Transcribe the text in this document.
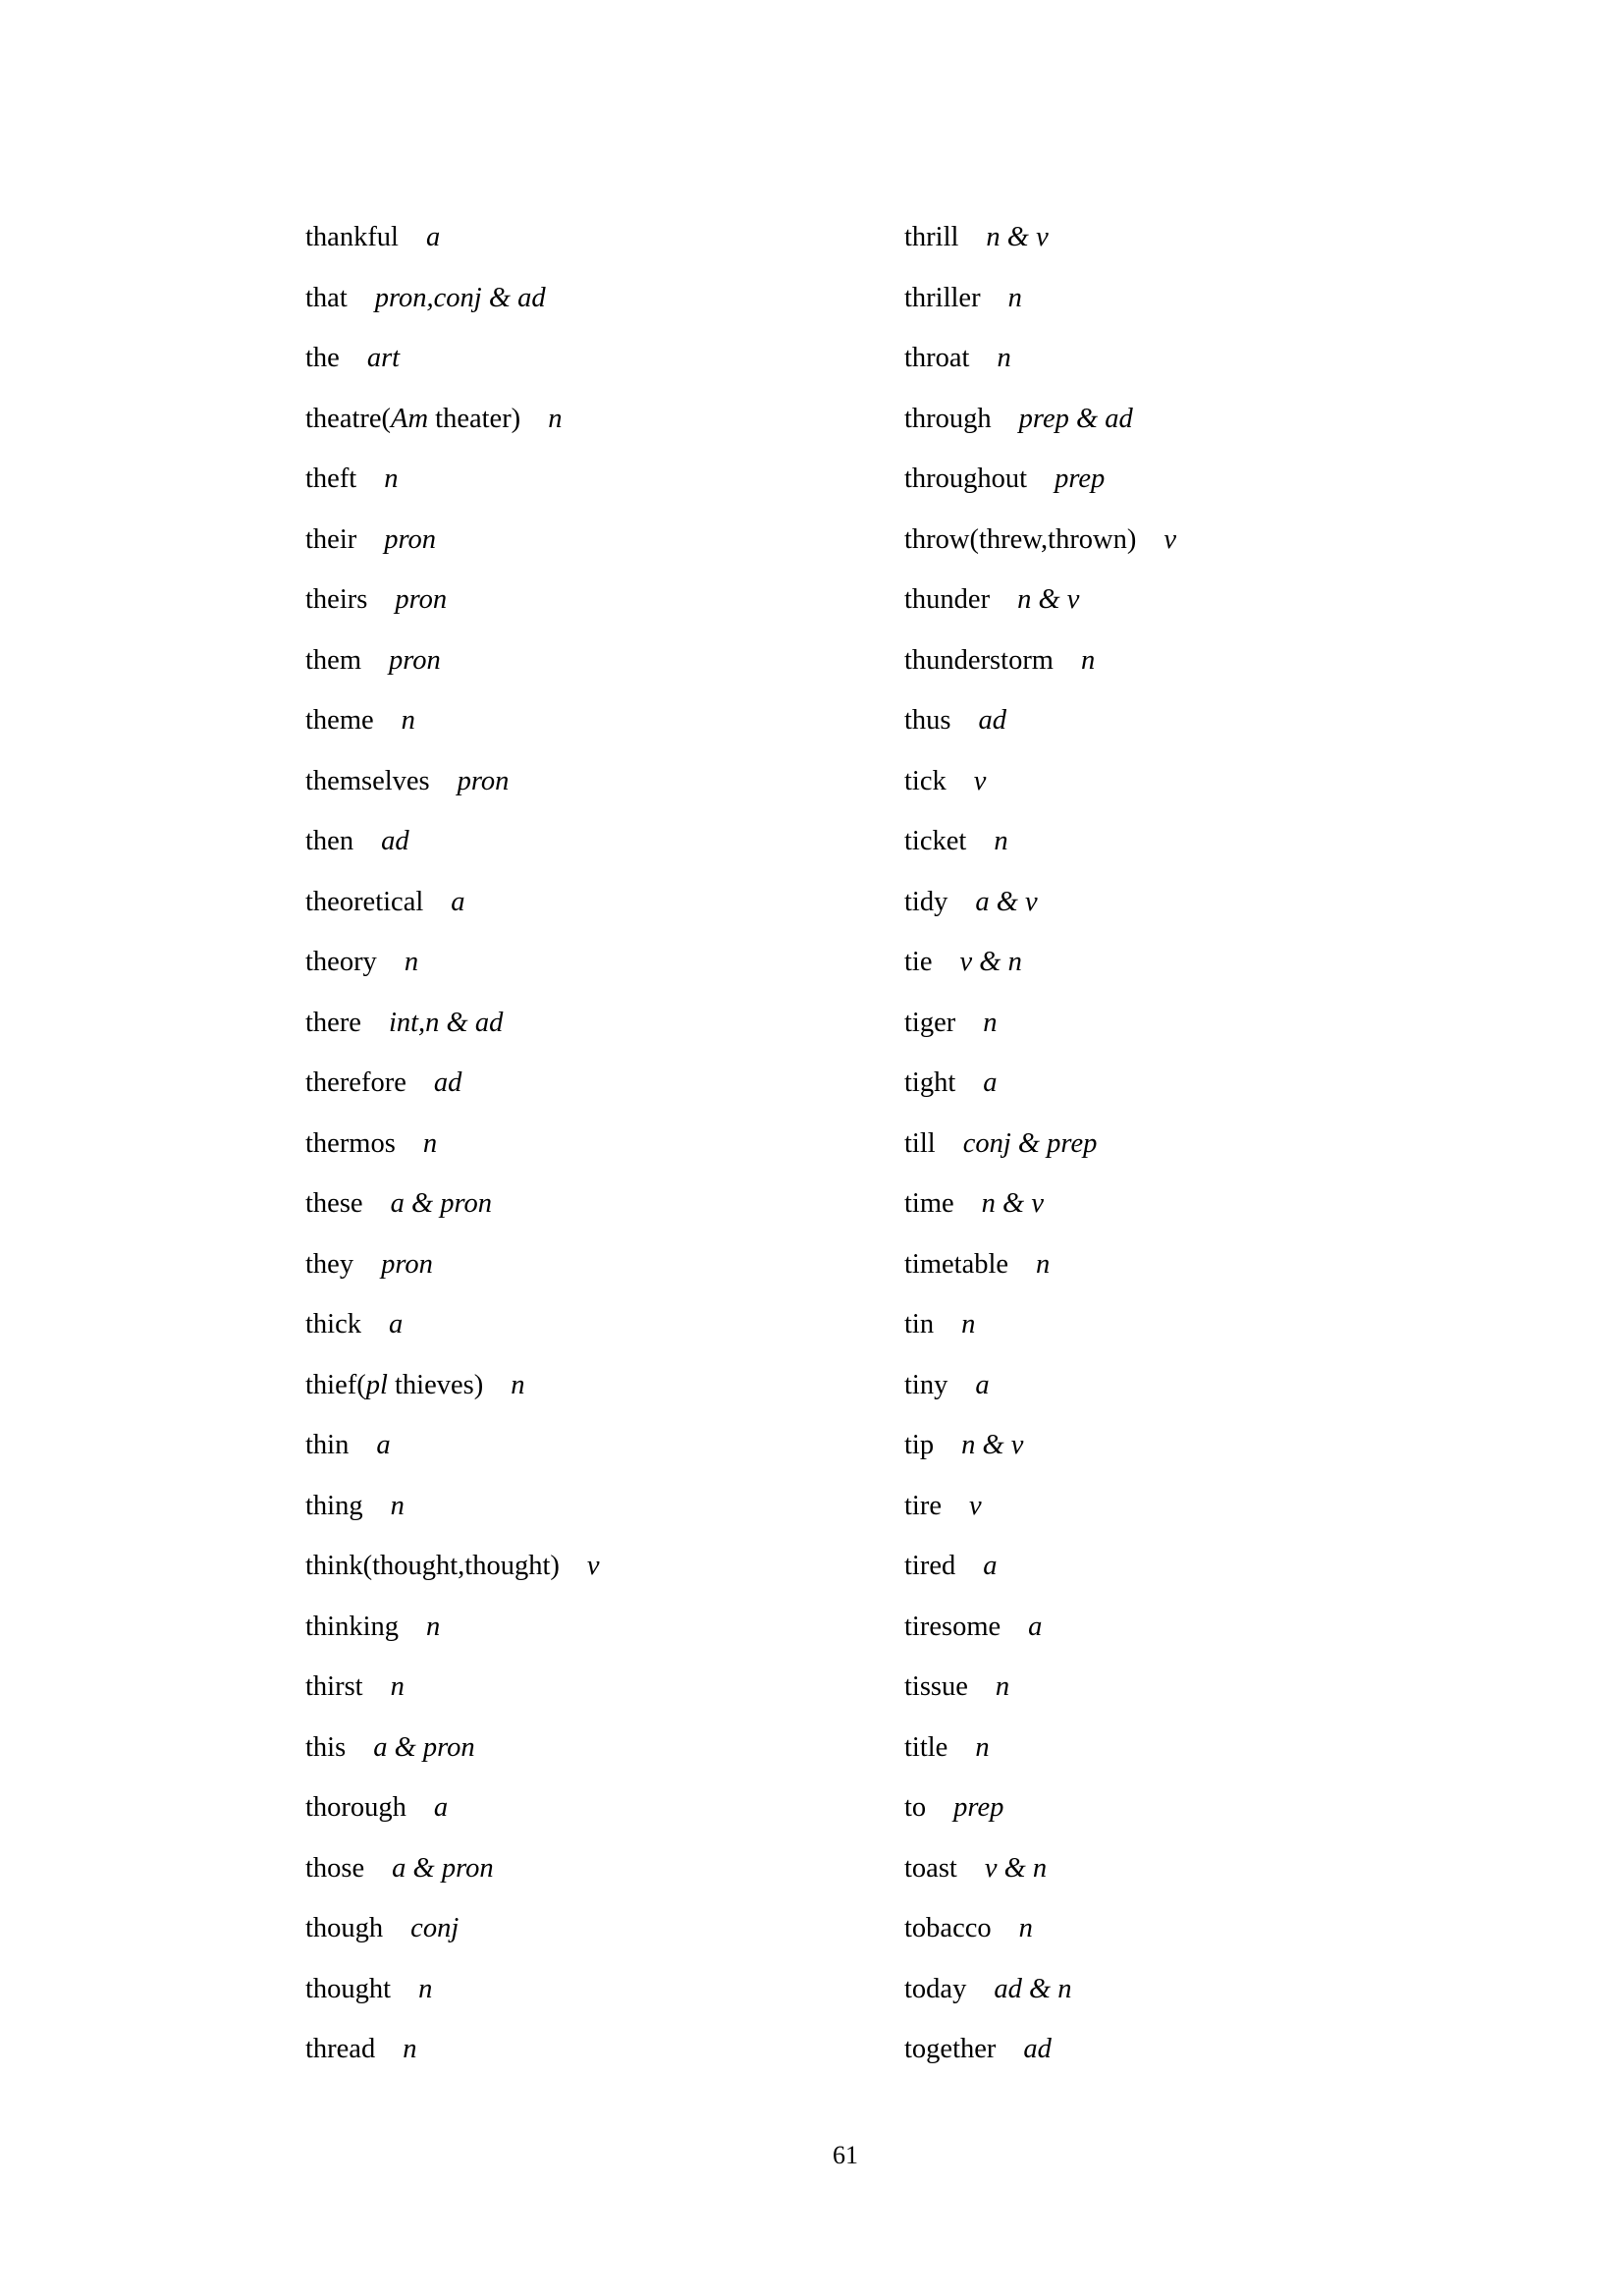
thankful a
that pron,conj & ad
the art
theatre(Am theater) n
theft n
their pron
theirs pron
them pron
theme n
themselves pron
then ad
theoretical a
theory n
there int,n & ad
therefore ad
thermos n
these a & pron
they pron
thick a
thief(pl thieves) n
thin a
thing n
think(thought,thought) v
thinking n
thirst n
this a & pron
thorough a
those a & pron
though conj
thought n
thread n
thrill n & v
thriller n
throat n
through prep & ad
throughout prep
throw(threw,thrown) v
thunder n & v
thunderstorm n
thus ad
tick v
ticket n
tidy a & v
tie v & n
tiger n
tight a
till conj & prep
time n & v
timetable n
tin n
tiny a
tip n & v
tire v
tired a
tiresome a
tissue n
title n
to prep
toast v & n
tobacco n
today ad & n
together ad
61
